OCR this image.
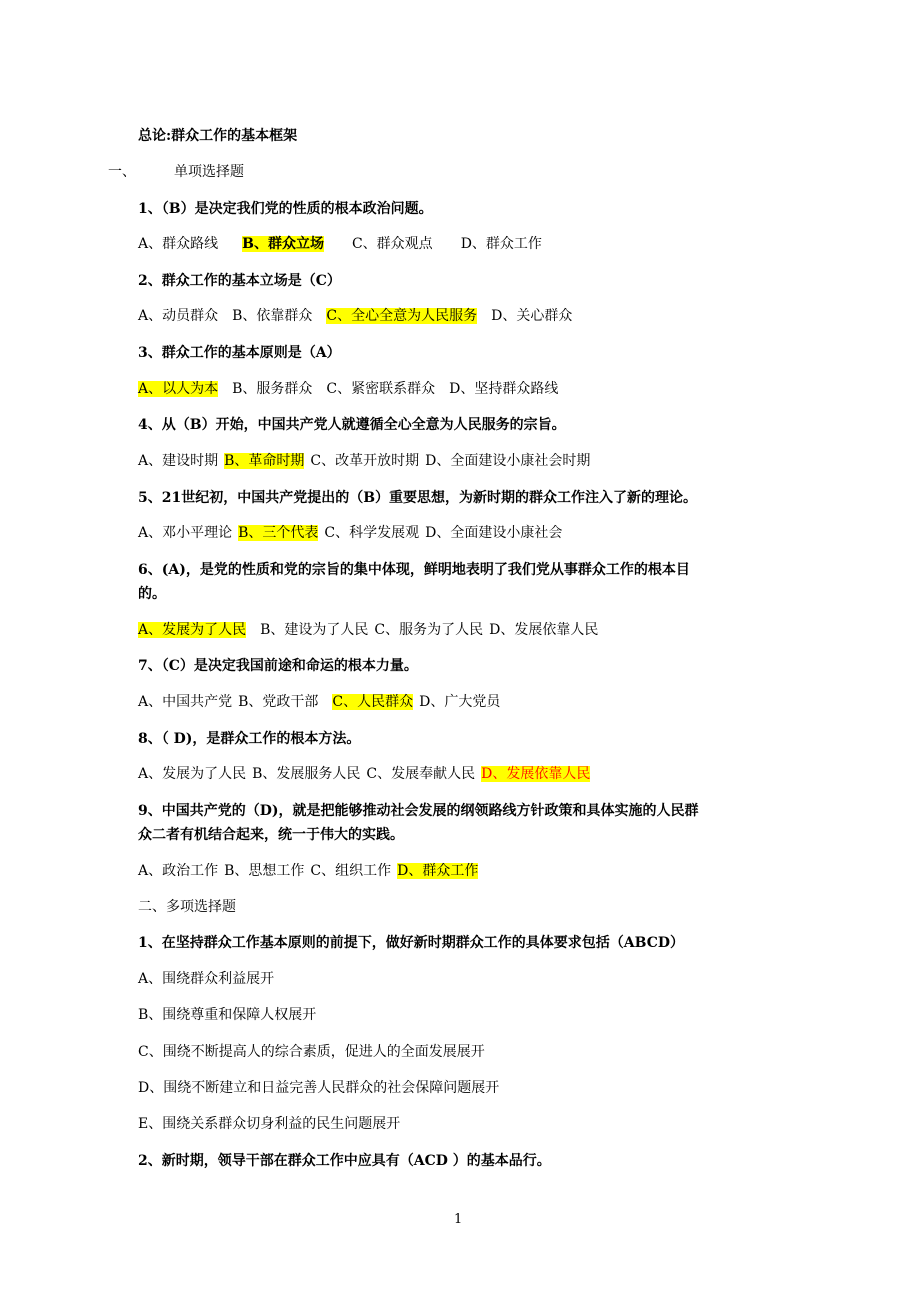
总论:群众工作的基本框架
一、	单项选择题
1、（B）是决定我们党的性质的根本政治问题。
A、群众路线 B、群众立场 C、群众观点 D、群众工作
2、群众工作的基本立场是（C）
A、动员群众 B、依靠群众 C、全心全意为人民服务 D、关心群众
3、群众工作的基本原则是（A）
A、以人为本 B、服务群众 C、紧密联系群众 D、坚持群众路线
4、从（B）开始，中国共产党人就遵循全心全意为人民服务的宗旨。
A、建设时期 B、革命时期 C、改革开放时期 D、全面建设小康社会时期
5、21世纪初，中国共产党提出的（B）重要思想，为新时期的群众工作注入了新的理论。
A、邓小平理论 B、三个代表 C、科学发展观 D、全面建设小康社会
6、(A)，是党的性质和党的宗旨的集中体现，鲜明地表明了我们党从事群众工作的根本目
的。
A、发展为了人民 B、建设为了人民 C、服务为了人民 D、发展依靠人民
7、（C）是决定我国前途和命运的根本力量。
A、中国共产党 B、党政干部 C、人民群众 D、广大党员
8、（ D)，是群众工作的根本方法。
A、发展为了人民 B、发展服务人民 C、发展奉献人民 D、发展依靠人民
9、中国共产党的（D)，就是把能够推动社会发展的纲领路线方针政策和具体实施的人民群
众二者有机结合起来，统一于伟大的实践。
A、政治工作 B、思想工作 C、组织工作 D、群众工作
二、多项选择题
1、在坚持群众工作基本原则的前提下，做好新时期群众工作的具体要求包括（ABCD）
A、围绕群众利益展开
B、围绕尊重和保障人权展开
C、围绕不断提高人的综合素质，促进人的全面发展展开
D、围绕不断建立和日益完善人民群众的社会保障问题展开
E、围绕关系群众切身利益的民生问题展开
2、新时期，领导干部在群众工作中应具有（ACD ）的基本品行。
1
